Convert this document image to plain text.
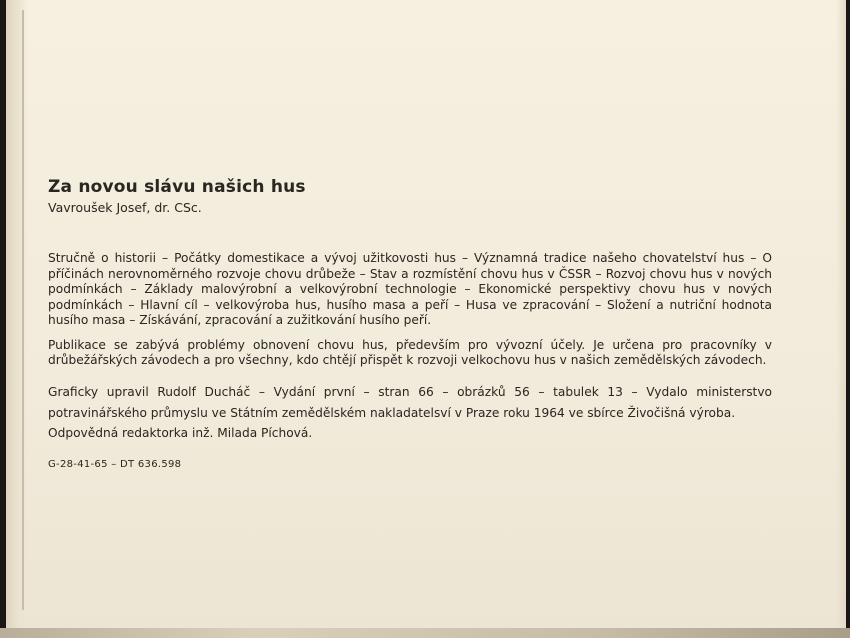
Za novou slávu našich hus

Vavroušek Josef, dr. CSc.

Stručně o historii – Počátky domestikace a vývoj užitkovosti hus – Významná tradice našeho chovatelství hus – O příčinách nerovnoměrného rozvoje chovu drůbeže – Stav a rozmístění chovu hus v ČSSR – Rozvoj chovu hus v nových podmínkách – Základy malovýrobní a velkovýrobní technologie – Ekonomické perspektivy chovu hus v nových podmínkách – Hlavní cíl – velkovýroba hus, husího masa a peří – Husa ve zpracování – Složení a nutriční hodnota husího masa – Získávání, zpracování a zužitkování husího peří.

Publikace se zabývá problémy obnovení chovu hus, především pro vývozní účely. Je určena pro pracovníky v drůbežářských závodech a pro všechny, kdo chtějí přispět k rozvoji velkochovu hus v našich zemědělských závodech.

Graficky upravil Rudolf Ducháč – Vydání první – stran 66 – obrázků 56 – tabulek 13 – Vydalo ministerstvo potravinářského průmyslu ve Státním zemědělském nakladatelsví v Praze roku 1964 ve sbírce Živočišná výroba.

Odpovědná redaktorka inž. Milada Píchová.

G-28-41-65 – DT 636.598
